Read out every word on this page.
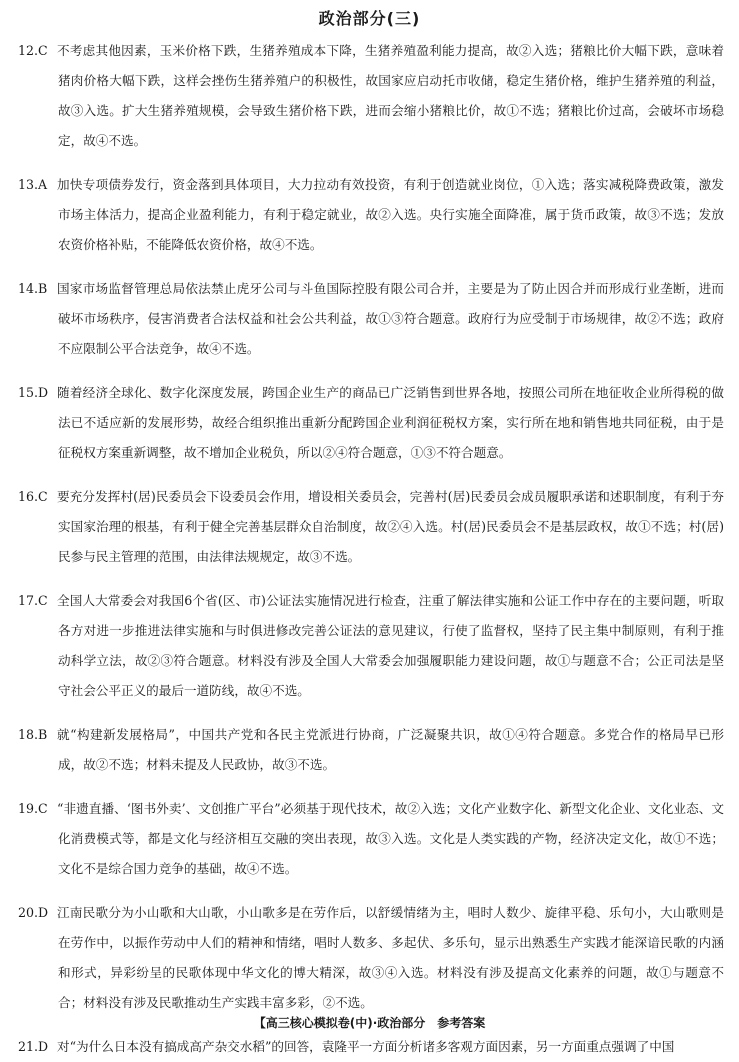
政治部分(三)
12.C 不考虑其他因素，玉米价格下跌，生猪养殖成本下降，生猪养殖盈利能力提高，故②入选；猪粮比价大幅下跌，意味着猪肉价格大幅下跌，这样会挫伤生猪养殖户的积极性，故国家应启动托市收储，稳定生猪价格，维护生猪养殖的利益，故③入选。扩大生猪养殖规模，会导致生猪价格下跌，进而会缩小猪粮比价，故①不选；猪粮比价过高，会破坏市场稳定，故④不选。
13.A 加快专项债券发行，资金落到具体项目，大力拉动有效投资，有利于创造就业岗位，①入选；落实减税降费政策，激发市场主体活力，提高企业盈利能力，有利于稳定就业，故②入选。央行实施全面降准，属于货币政策，故③不选；发放农资价格补贴，不能降低农资价格，故④不选。
14.B 国家市场监督管理总局依法禁止虎牙公司与斗鱼国际控股有限公司合并，主要是为了防止因合并而形成行业垄断，进而破坏市场秩序，侵害消费者合法权益和社会公共利益，故①③符合题意。政府行为应受制于市场规律，故②不选；政府不应限制公平合法竞争，故④不选。
15.D 随着经济全球化、数字化深度发展，跨国企业生产的商品已广泛销售到世界各地，按照公司所在地征收企业所得税的做法已不适应新的发展形势，故经合组织推出重新分配跨国企业利润征税权方案，实行所在地和销售地共同征税，由于是征税权方案重新调整，故不增加企业税负，所以②④符合题意，①③不符合题意。
16.C 要充分发挥村(居)民委员会下设委员会作用，增设相关委员会，完善村(居)民委员会成员履职承诺和述职制度，有利于夯实国家治理的根基，有利于健全完善基层群众自治制度，故②④入选。村(居)民委员会不是基层政权，故①不选；村(居)民参与民主管理的范围，由法律法规规定，故③不选。
17.C 全国人大常委会对我国6个省(区、市)公证法实施情况进行检查，注重了解法律实施和公证工作中存在的主要问题，听取各方对进一步推进法律实施和与时俱进修改完善公证法的意见建议，行使了监督权，坚持了民主集中制原则，有利于推动科学立法，故②③符合题意。材料没有涉及全国人大常委会加强履职能力建设问题，故①与题意不合；公正司法是坚守社会公平正义的最后一道防线，故④不选。
18.B 就“构建新发展格局”，中国共产党和各民主党派进行协商，广泛凝聚共识，故①④符合题意。多党合作的格局早已形成，故②不选；材料未提及人民政协，故③不选。
19.C “非遗直播、‘图书外卖’、文创推广平台”必须基于现代技术，故②入选；文化产业数字化、新型文化企业、文化业态、文化消费模式等，都是文化与经济相互交融的突出表现，故③入选。文化是人类实践的产物，经济决定文化，故①不选；文化不是综合国力竞争的基础，故④不选。
20.D 江南民歌分为小山歌和大山歌，小山歌多是在劳作后，以舒缓情绪为主，唱时人数少、旋律平稳、乐句小，大山歌则是在劳作中，以振作劳动中人们的精神和情绪，唱时人数多、多起伏、多乐句，显示出熟悉生产实践才能深谙民歌的内涵和形式，异彩纷呈的民歌体现中华文化的博大精深，故③④入选。材料没有涉及提高文化素养的问题，故①与题意不合；材料没有涉及民歌推动生产实践丰富多彩，②不选。
21.D 对“为什么日本没有搞成高产杂交水稻”的回答，袁隆平一方面分析诸多客观方面因素，另一方面重点强调了中国
【高三核心模拟卷(中)·政治部分　参考答案
